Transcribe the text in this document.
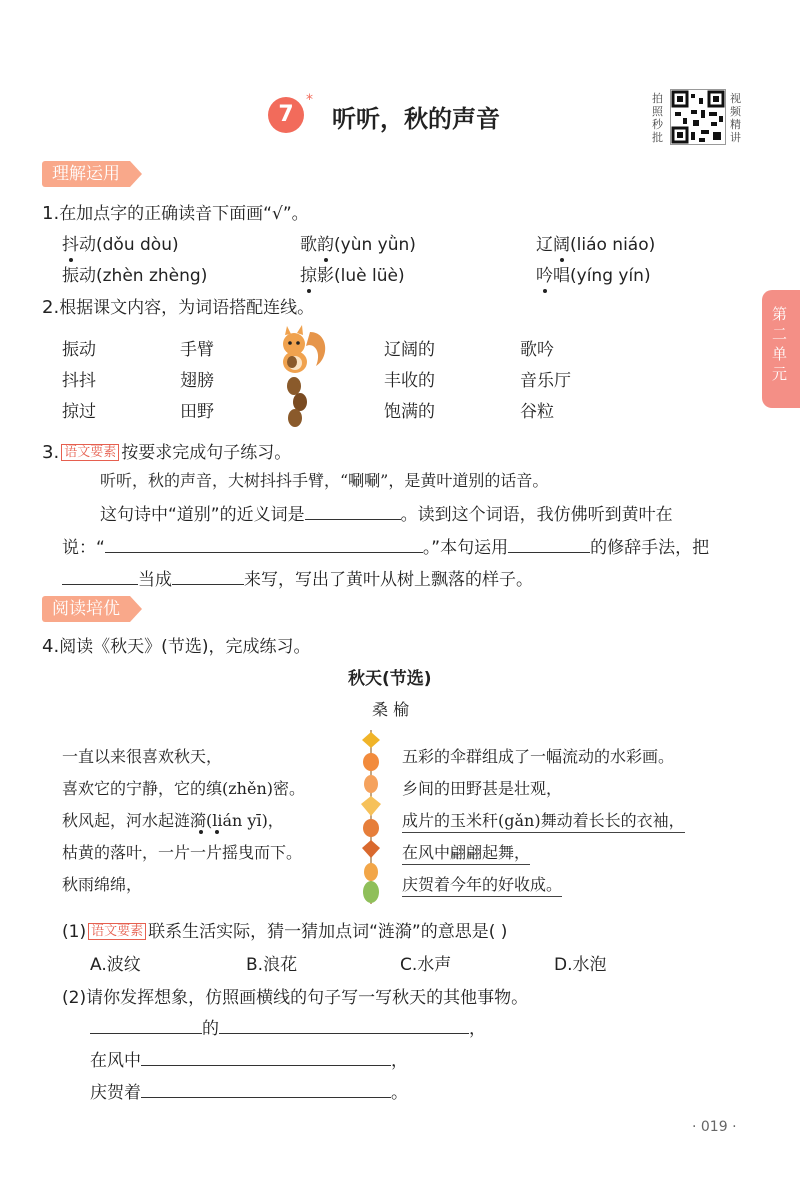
7
*
听听，秋的声音
拍照秒批
视频精讲
第二单元
理解运用
1.在加点字的正确读音下面画“√”。
抖动(dǒu dòu)	歌韵(yùn yǜn)	辽阔(liáo niáo)
振动(zhèn zhèng)	掠影(luè lüè)	吟唱(yíng yín)
2.根据课文内容，为词语搭配连线。
振动
抖抖
掠过
手臂
翅膀
田野
辽阔的
丰收的
饱满的
歌吟
音乐厅
谷粒
3. 语文要素 按要求完成句子练习。
听听，秋的声音，大树抖抖手臂，“唰唰”，是黄叶道别的话音。
这句诗中“道别”的近义词是	。读到这个词语，我仿佛听到黄叶在
说：“	。”本句运用	的修辞手法，把
当成	来写，写出了黄叶从树上飘落的样子。
阅读培优
4.阅读《秋天》(节选)，完成练习。
秋天(节选)
桑 榆
一直以来很喜欢秋天，
喜欢它的宁静，它的缜(zhěn)密。
秋风起，河水起涟漪(lián yī)，
枯黄的落叶，一片一片摇曳而下。
秋雨绵绵，
五彩的伞群组成了一幅流动的水彩画。
乡间的田野甚是壮观，
成片的玉米秆(gǎn)舞动着长长的衣袖，
在风中翩翩起舞，
庆贺着今年的好收成。
(1) 语文要素 联系生活实际，猜一猜加点词“涟漪”的意思是( )
A.波纹	B.浪花	C.水声	D.水泡
(2)请你发挥想象，仿照画横线的句子写一写秋天的其他事物。
的	，
在风中	，
庆贺着	。
· 019 ·
